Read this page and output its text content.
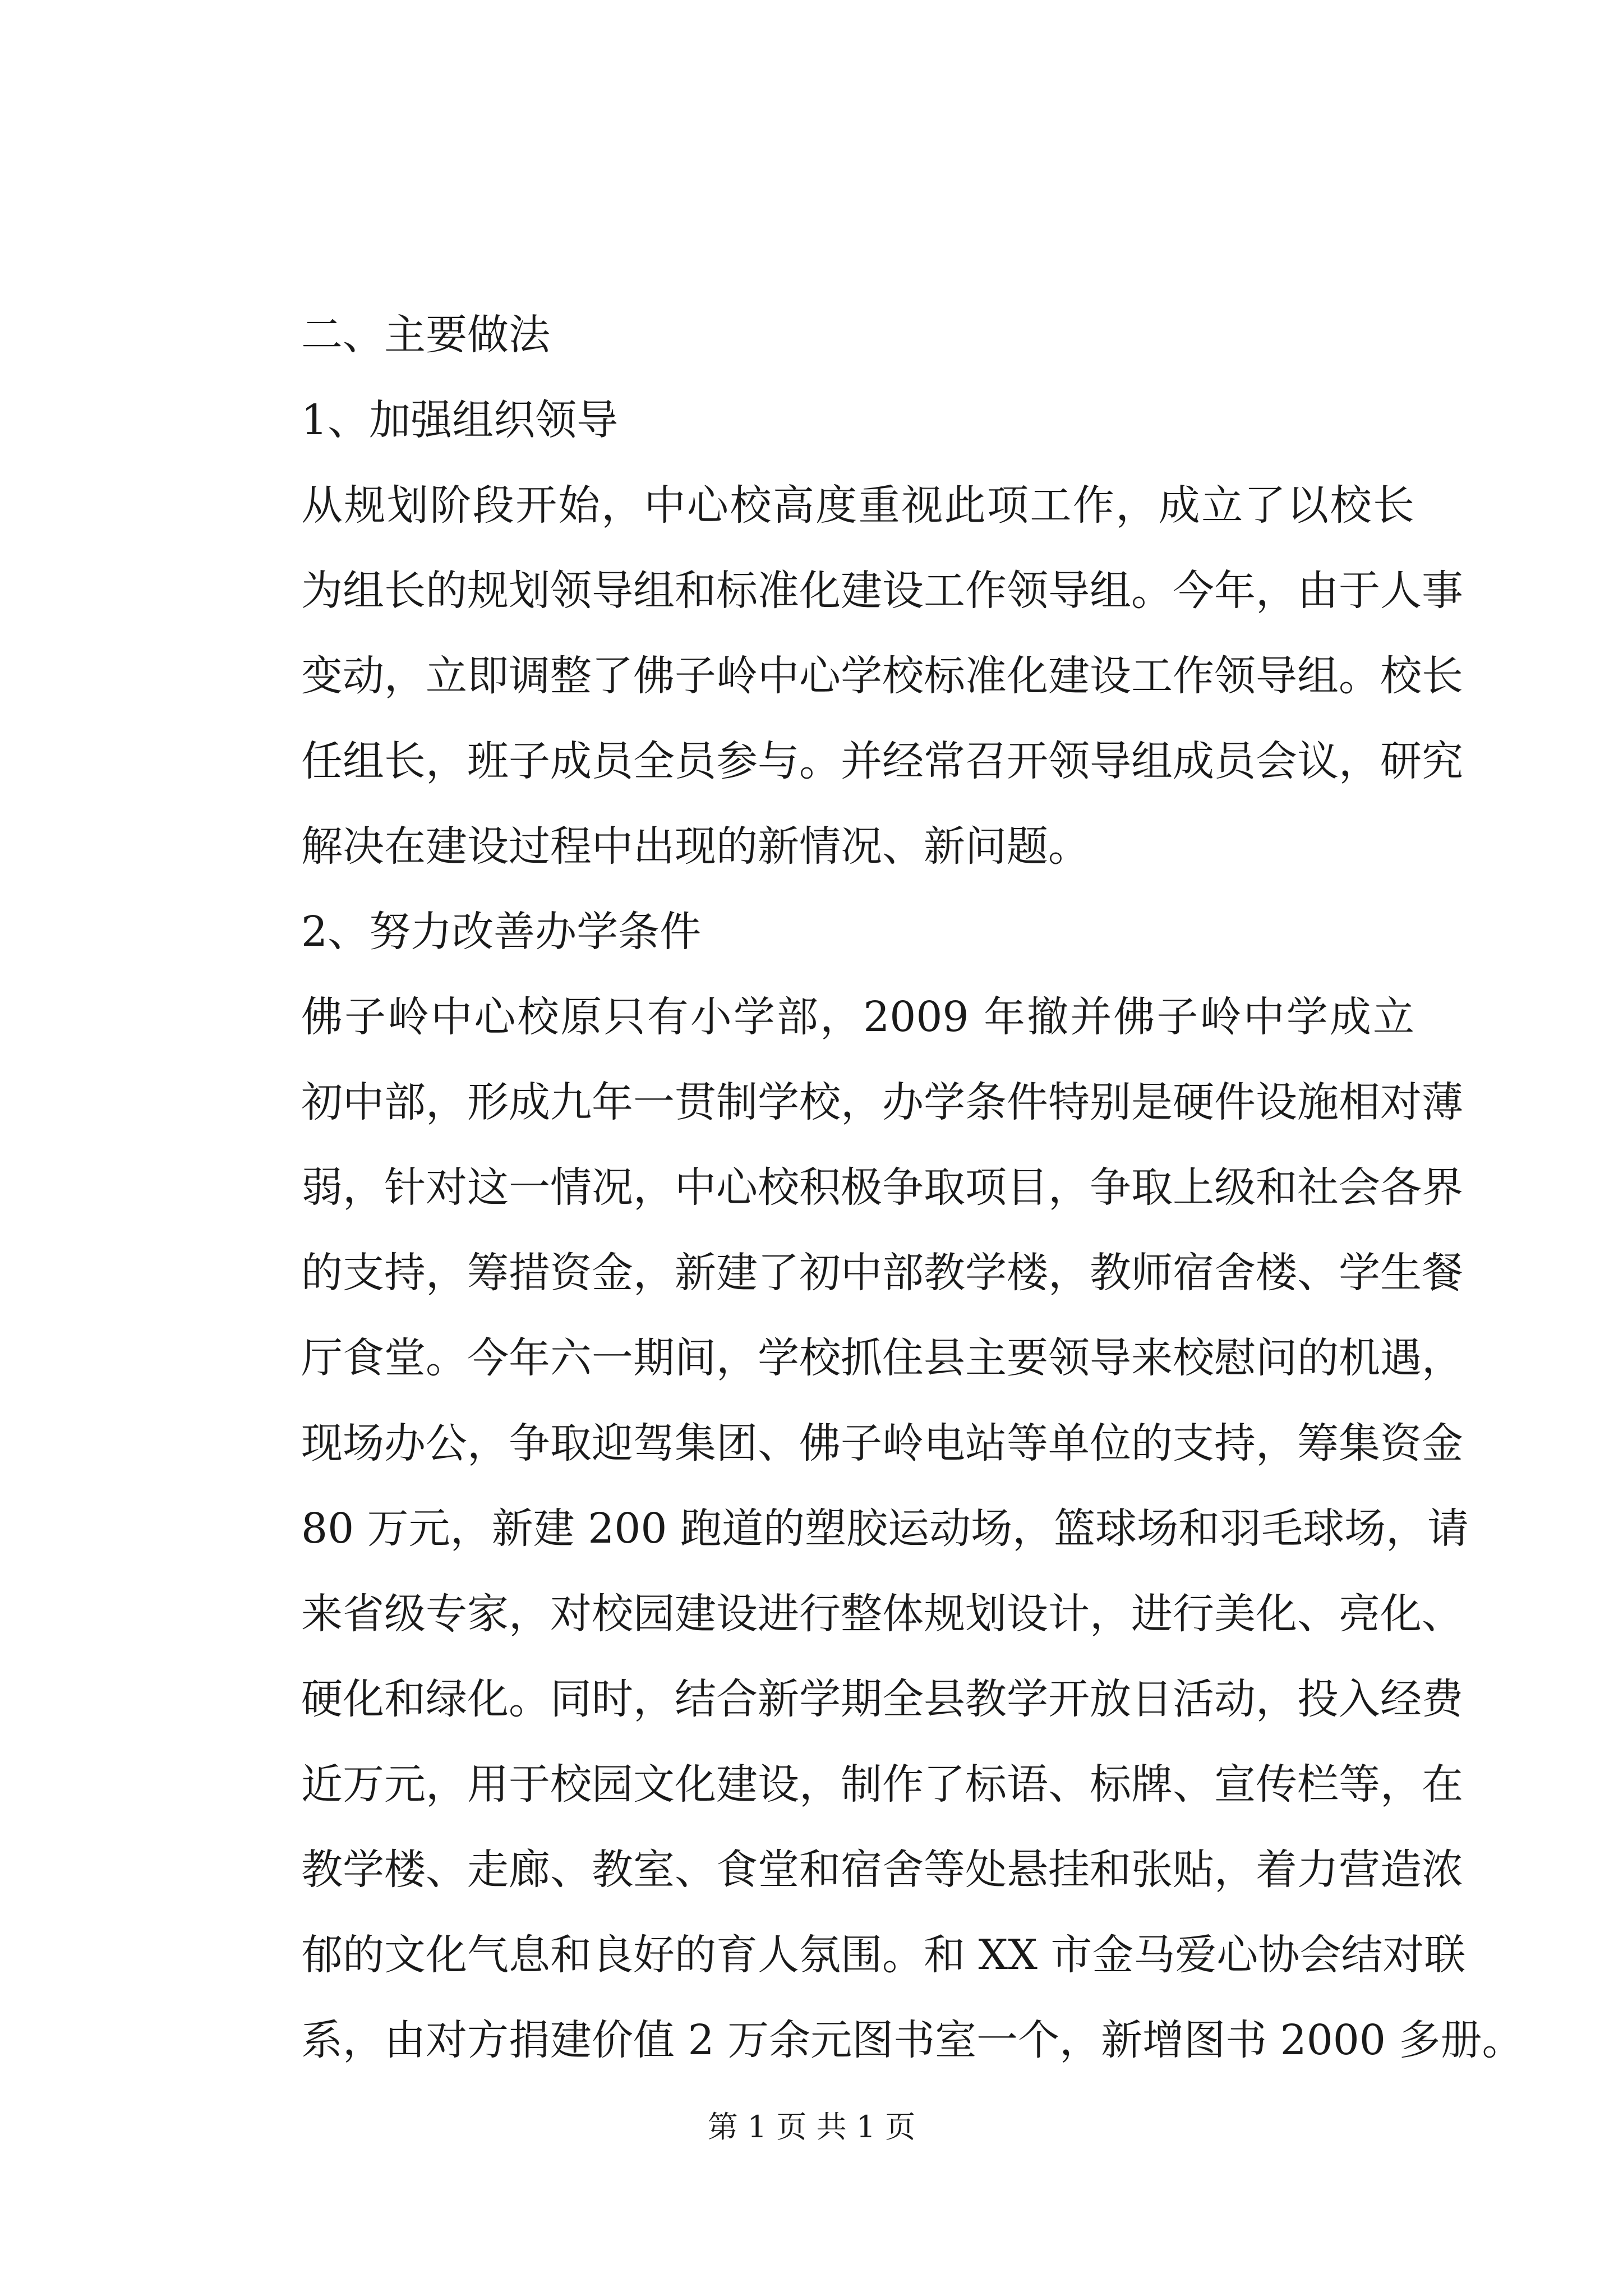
二、主要做法
1、加强组织领导
从规划阶段开始，中心校高度重视此项工作，成立了以校长
为组长的规划领导组和标准化建设工作领导组。今年，由于人事
变动，立即调整了佛子岭中心学校标准化建设工作领导组。校长
任组长，班子成员全员参与。并经常召开领导组成员会议，研究
解决在建设过程中出现的新情况、新问题。
2、努力改善办学条件
佛子岭中心校原只有小学部，2009 年撤并佛子岭中学成立
初中部，形成九年一贯制学校，办学条件特别是硬件设施相对薄
弱，针对这一情况，中心校积极争取项目，争取上级和社会各界
的支持，筹措资金，新建了初中部教学楼，教师宿舍楼、学生餐
厅食堂。今年六一期间，学校抓住县主要领导来校慰问的机遇，
现场办公，争取迎驾集团、佛子岭电站等单位的支持，筹集资金
80 万元，新建 200 跑道的塑胶运动场，篮球场和羽毛球场，请
来省级专家，对校园建设进行整体规划设计，进行美化、亮化、
硬化和绿化。同时，结合新学期全县教学开放日活动，投入经费
近万元，用于校园文化建设，制作了标语、标牌、宣传栏等，在
教学楼、走廊、教室、食堂和宿舍等处悬挂和张贴，着力营造浓
郁的文化气息和良好的育人氛围。和 XX 市金马爱心协会结对联
系，由对方捐建价值 2 万余元图书室一个，新增图书 2000 多册。
第 1 页 共 1 页
